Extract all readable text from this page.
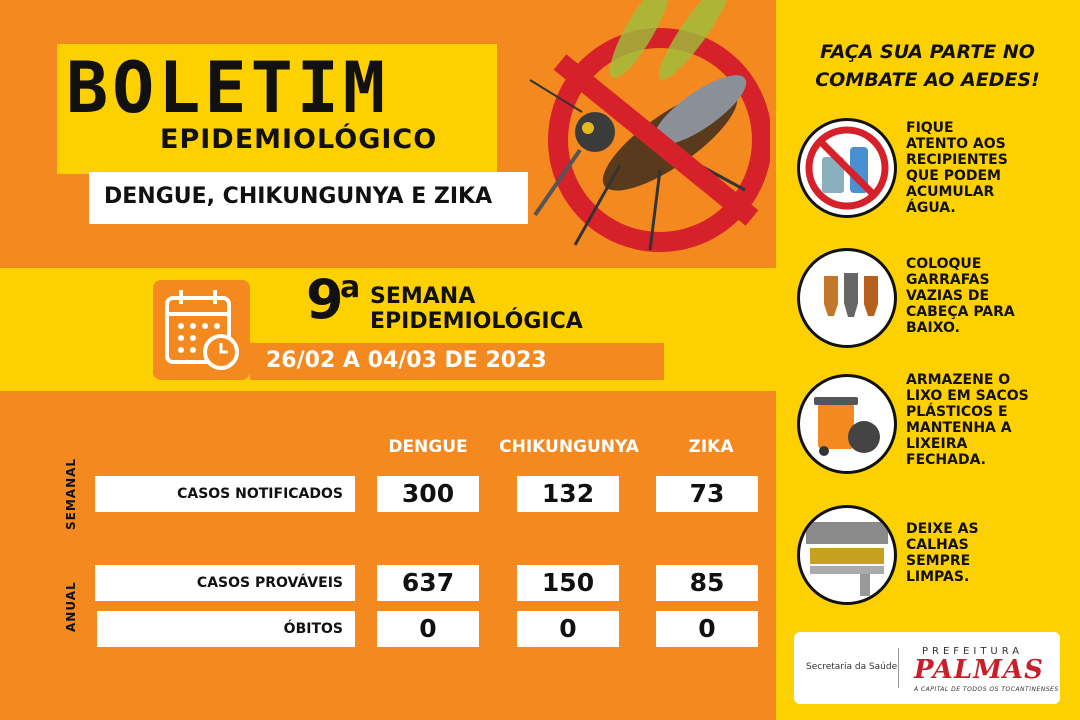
BOLETIM
EPIDEMIOLÓGICO
DENGUE, CHIKUNGUNYA E ZIKA
9
a SEMANA
EPIDEMIOLÓGICA
26/02 A 04/03 DE 2023
DENGUE	CHIKUNGUNYA	ZIKA
SEMANAL
ANUAL
CASOS NOTIFICADOS	300	132	73
CASOS PROVÁVEIS	637	150	85
ÓBITOS	0	0	0
FAÇA SUA PARTE NO
COMBATE AO AEDES!
FIQUE
ATENTO AOS
RECIPIENTES
QUE PODEM
ACUMULAR
ÁGUA.
COLOQUE
GARRAFAS
VAZIAS DE
CABEÇA PARA
BAIXO.
ARMAZENE O
LIXO EM SACOS
PLÁSTICOS E
MANTENHA A
LIXEIRA
FECHADA.
DEIXE AS
CALHAS
SEMPRE
LIMPAS.
Secretaria da Saúde
PREFEITURA
PALMAS
A CAPITAL DE TODOS OS TOCANTINENSES
